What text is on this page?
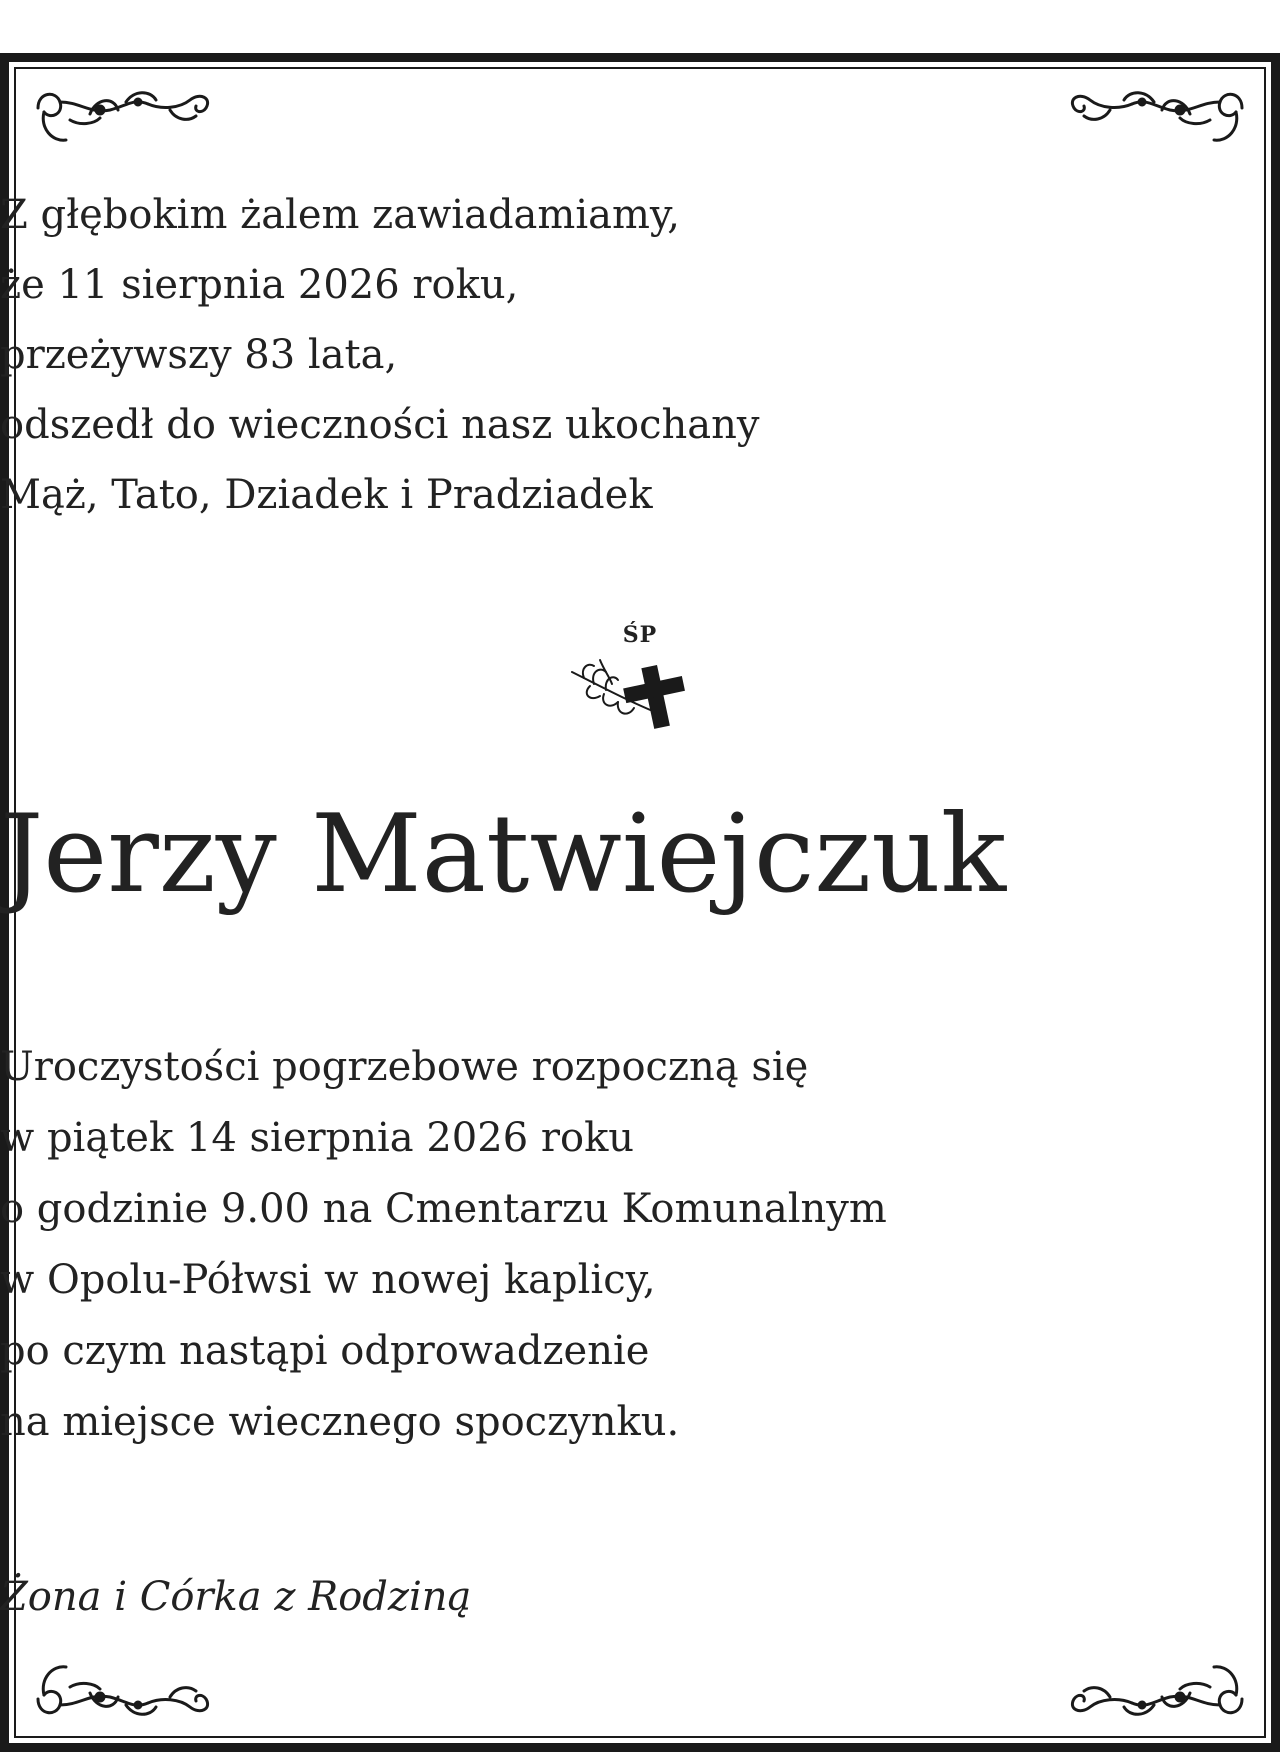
Z głębokim żalem zawiadamiamy,
że 11 sierpnia 2026 roku,
przeżywszy 83 lata,
odszedł do wieczności nasz ukochany
Mąż, Tato, Dziadek i Pradziadek
ŚP
Jerzy Matwiejczuk
Uroczystości pogrzebowe rozpoczną się
w piątek 14 sierpnia 2026 roku
o godzinie 9.00 na Cmentarzu Komunalnym
w Opolu-Półwsi w nowej kaplicy,
po czym nastąpi odprowadzenie
na miejsce wiecznego spoczynku.
Żona i Córka z Rodziną
